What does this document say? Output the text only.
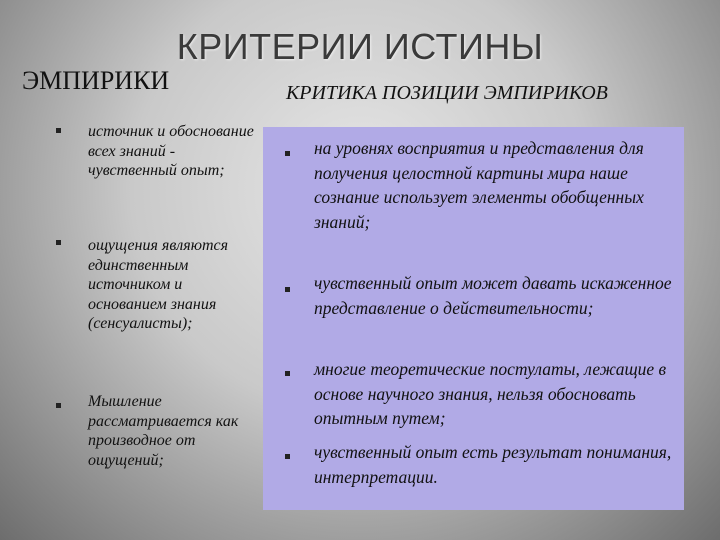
КРИТЕРИИ ИСТИНЫ
ЭМПИРИКИ	КРИТИКА ПОЗИЦИИ ЭМПИРИКОВ

источник и обоснование всех знаний - чувственный опыт;

ощущения являются единственным источником и основанием знания (сенсуалисты);

Мышление рассматривается как производное от ощущений;

на уровнях восприятия и представления для получения целостной картины мира наше сознание использует элементы обобщенных знаний;

чувственный опыт может давать искаженное представление о действительности;

многие теоретические постулаты, лежащие в основе научного знания, нельзя обосновать опытным путем;

чувственный опыт есть результат понимания, интерпретации.
